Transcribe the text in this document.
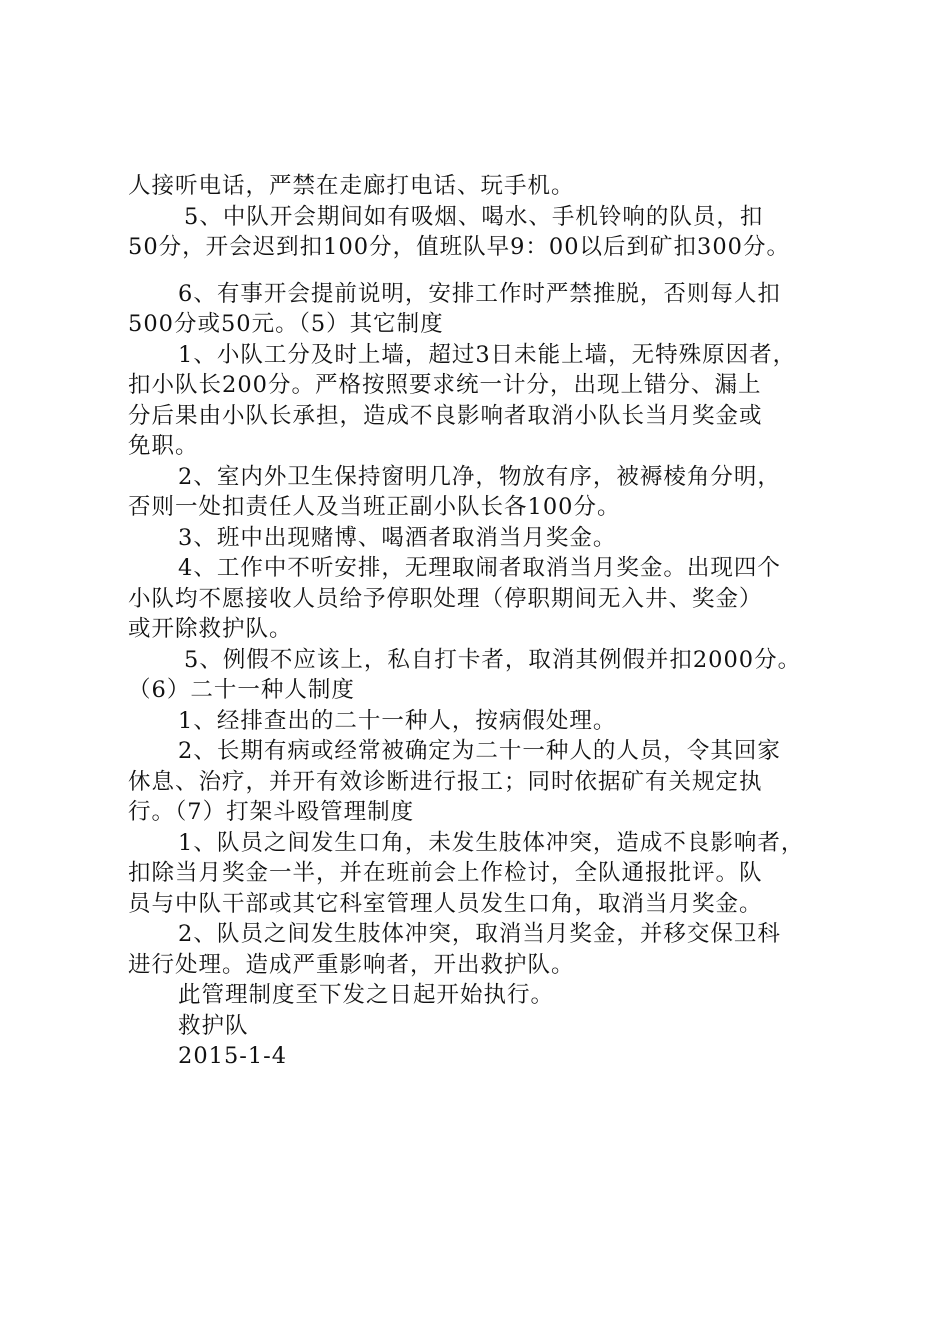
人接听电话，严禁在走廊打电话、玩手机。
5、中队开会期间如有吸烟、喝水、手机铃响的队员，扣
50分，开会迟到扣100分，值班队早9：00以后到矿扣300分。
6、有事开会提前说明，安排工作时严禁推脱，否则每人扣
500分或50元。（5）其它制度
1、小队工分及时上墙，超过3日未能上墙，无特殊原因者，
扣小队长200分。严格按照要求统一计分，出现上错分、漏上
分后果由小队长承担，造成不良影响者取消小队长当月奖金或
免职。
2、室内外卫生保持窗明几净，物放有序，被褥棱角分明，
否则一处扣责任人及当班正副小队长各100分。
3、班中出现赌博、喝酒者取消当月奖金。
4、工作中不听安排，无理取闹者取消当月奖金。出现四个
小队均不愿接收人员给予停职处理（停职期间无入井、奖金）
或开除救护队。
5、例假不应该上，私自打卡者，取消其例假并扣2000分。
（6）二十一种人制度
1、经排查出的二十一种人，按病假处理。
2、长期有病或经常被确定为二十一种人的人员，令其回家
休息、治疗，并开有效诊断进行报工；同时依据矿有关规定执
行。（7）打架斗殴管理制度
1、队员之间发生口角，未发生肢体冲突，造成不良影响者，
扣除当月奖金一半，并在班前会上作检讨，全队通报批评。队
员与中队干部或其它科室管理人员发生口角，取消当月奖金。
2、队员之间发生肢体冲突，取消当月奖金，并移交保卫科
进行处理。造成严重影响者，开出救护队。
此管理制度至下发之日起开始执行。
救护队
2015-1-4
